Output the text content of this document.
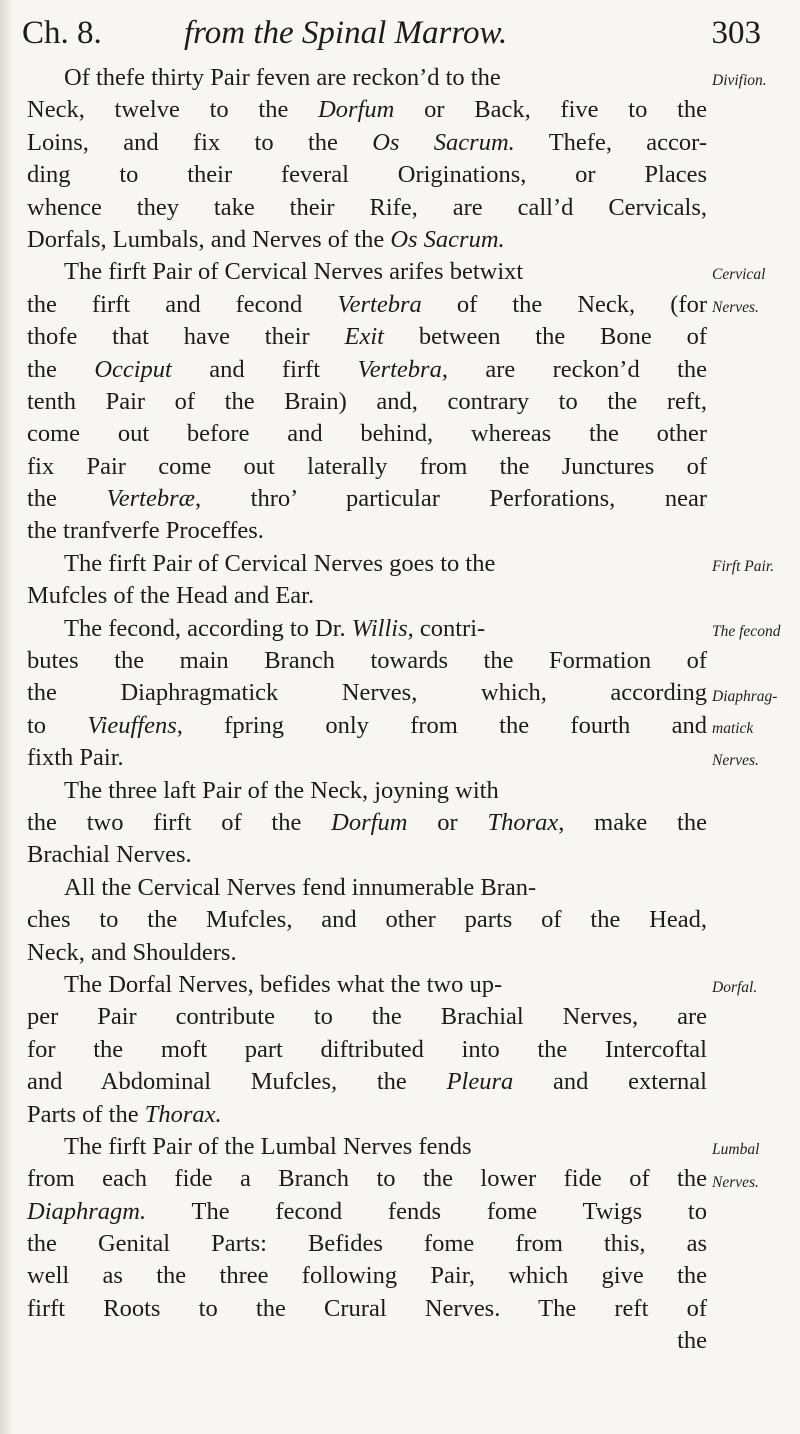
Ch. 8. from the Spinal Marrow.	303
Of thefe thirty Pair feven are reckon’d to the
Neck, twelve to the Dorfum or Back, five to the
Loins, and fix to the Os Sacrum. Thefe, accor-
ding to their feveral Originations, or Places
whence they take their Rife, are call’d Cervicals,
Dorfals, Lumbals, and Nerves of the Os Sacrum.
The firft Pair of Cervical Nerves arifes betwixt
the firft and fecond Vertebra of the Neck, (for
thofe that have their Exit between the Bone of
the Occiput and firft Vertebra, are reckon’d the
tenth Pair of the Brain) and, contrary to the reft,
come out before and behind, whereas the other
fix Pair come out laterally from the Junctures of
the Vertebræ, thro’ particular Perforations, near
the tranfverfe Proceffes.
The firft Pair of Cervical Nerves goes to the
Mufcles of the Head and Ear.
The fecond, according to Dr. Willis, contri-
butes the main Branch towards the Formation of
the Diaphragmatick Nerves, which, according
to Vieuffens, fpring only from the fourth and
fixth Pair.
The three laft Pair of the Neck, joyning with
the two firft of the Dorfum or Thorax, make the
Brachial Nerves.
All the Cervical Nerves fend innumerable Bran-
ches to the Mufcles, and other parts of the Head,
Neck, and Shoulders.
The Dorfal Nerves, befides what the two up-
per Pair contribute to the Brachial Nerves, are
for the moft part diftributed into the Intercoftal
and Abdominal Mufcles, the Pleura and external
Parts of the Thorax.
The firft Pair of the Lumbal Nerves fends
from each fide a Branch to the lower fide of the
Diaphragm. The fecond fends fome Twigs to
the Genital Parts: Befides fome from this, as
well as the three following Pair, which give the
firft Roots to the Crural Nerves. The reft of
the
Divifion.
Cervical
Nerves.
Firft Pair.
The fecond
Diaphrag-
matick
Nerves.
Dorfal.
Lumbal
Nerves.
